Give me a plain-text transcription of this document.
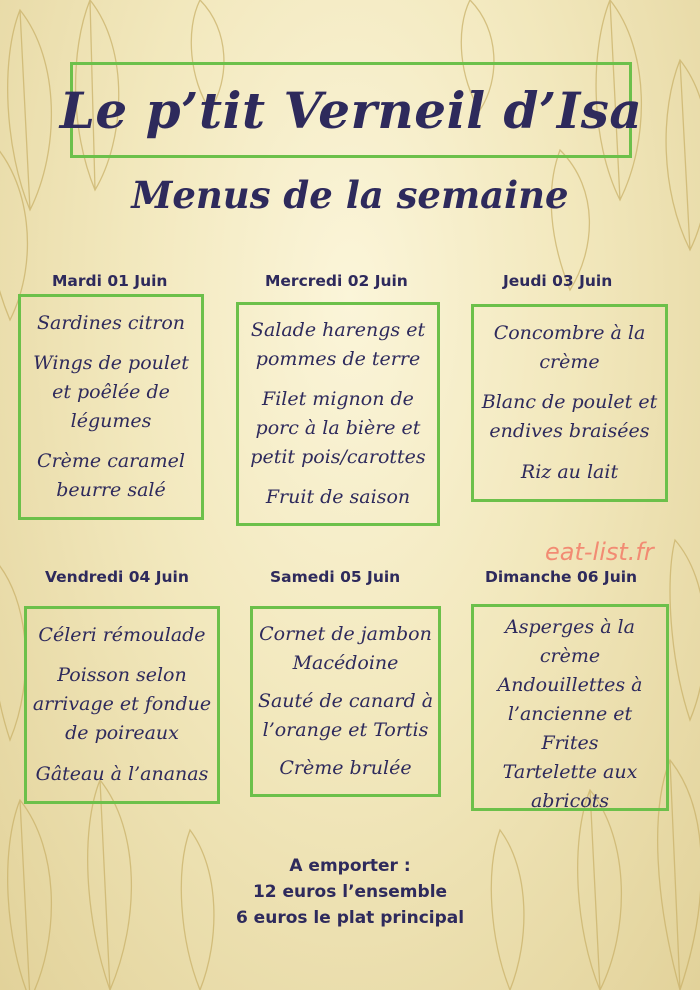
Le p’tit Verneil d’Isa
Menus de la semaine
eat-list.fr
Mardi 01 Juin
Sardines citron
Wings de poulet
et poêlée de
légumes
Crème caramel
beurre salé
Mercredi 02 Juin
Salade harengs et
pommes de terre
Filet mignon de
porc à la bière et
petit pois/carottes
Fruit de saison
Jeudi 03 Juin
Concombre à la
crème
Blanc de poulet et
endives braisées
Riz au lait
Vendredi 04 Juin
Céleri rémoulade
Poisson selon
arrivage et fondue
de poireaux
Gâteau à l’ananas
Samedi 05 Juin
Cornet de jambon
Macédoine
Sauté de canard à
l’orange et Tortis
Crème brulée
Dimanche 06 Juin
Asperges à la crème
Andouillettes à
l’ancienne et Frites
Tartelette aux
abricots
A emporter :
12 euros l’ensemble
6 euros le plat principal
